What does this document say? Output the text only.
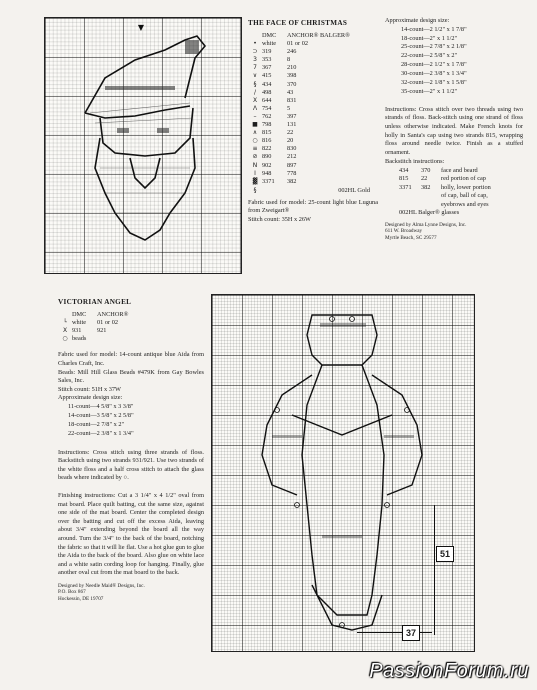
▼	THE FACE OF CHRISTMAS
DMC	ANCHOR® BALGER®
• white	01 or 02
⊃ 319	246
3 353	8
7 367	210
∨ 415	398
§ 434	370
/ 498	43
X 644	831
Λ 754	5
– 762	397
■ 798	131
∧ 815	22
○ 816	20
≡ 822	830
⊘ 890	212
N 902	897
I 948	778
▓ 3371	382
§	002HL Gold

Fabric used for model: 25-count light blue Luguna from Zweigart®

Stitch count: 35H x 26W

Approximate design size:
14-count—2 1/2" x 1 7/8"
18-count—2" x 1 1/2"
25-count—2 7/8" x 2 1/8"
22-count—2 5/8" x 2"
28-count—2 1/2" x 1 7/8"
30-count—2 3/8" x 1 3/4"
32-count—2 1/8" x 1 5/8"
35-count—2" x 1 1/2"

Instructions: Cross stitch over two threads using two strands of floss. Back-stitch using one strand of floss unless otherwise indicated. Make French knots for holly in Santa's cap using two strands 815, wrapping floss around needle twice. Finish as a stuffed ornament.

Backstitch instructions:
434	370	face and beard
815	22	red portion of cap
3371	382	holly, lower portion
of cap, ball of cap,
eyebrows and eyes
002HL Balger® glasses
Designed by Alma Lynne Designs, Inc.
611 W. Broadway
Myrtle Beach, SC 29577
VICTORIAN ANGEL
DMC	ANCHOR®
└ white	01 or 02
X 931	921
○ beads

Fabric used for model: 14-count antique blue Aida from Charles Craft, Inc.

Beads: Mill Hill Glass Beads #479K from Gay Bowles Sales, Inc.

Stitch count: 51H x 37W

Approximate design size:
11-count—4 5/8" x 3 3/8"
14-count—3 5/8" x 2 5/8"
18-count—2 7/8" x 2"
22-count—2 3/8" x 1 3/4"

Instructions: Cross stitch using three strands of floss. Backstitch using two strands 931/921. Use two strands of the white floss and a half cross stitch to attach the glass beads where indicated by ○.

Finishing instructions: Cut a 3 1/4" x 4 1/2" oval from mat board. Place quilt batting, cut the same size, against one side of the mat board. Center the completed design over the batting and cut off the excess Aida, leaving about 3/4" extending beyond the board all the way around. Turn the 3/4" to the back of the board, notching the fabric so that it will lie flat. Use a hot glue gun to glue the Aida to the back of the board. Also glue on white lace and a white satin cording loop for hanging. Finally, glue another oval cut from the mat board to the back.

Designed by Needle Maid® Designs, Inc.
P.O. Box 867
Hockessin, DE 19707
51
37
PassionForum.ru
